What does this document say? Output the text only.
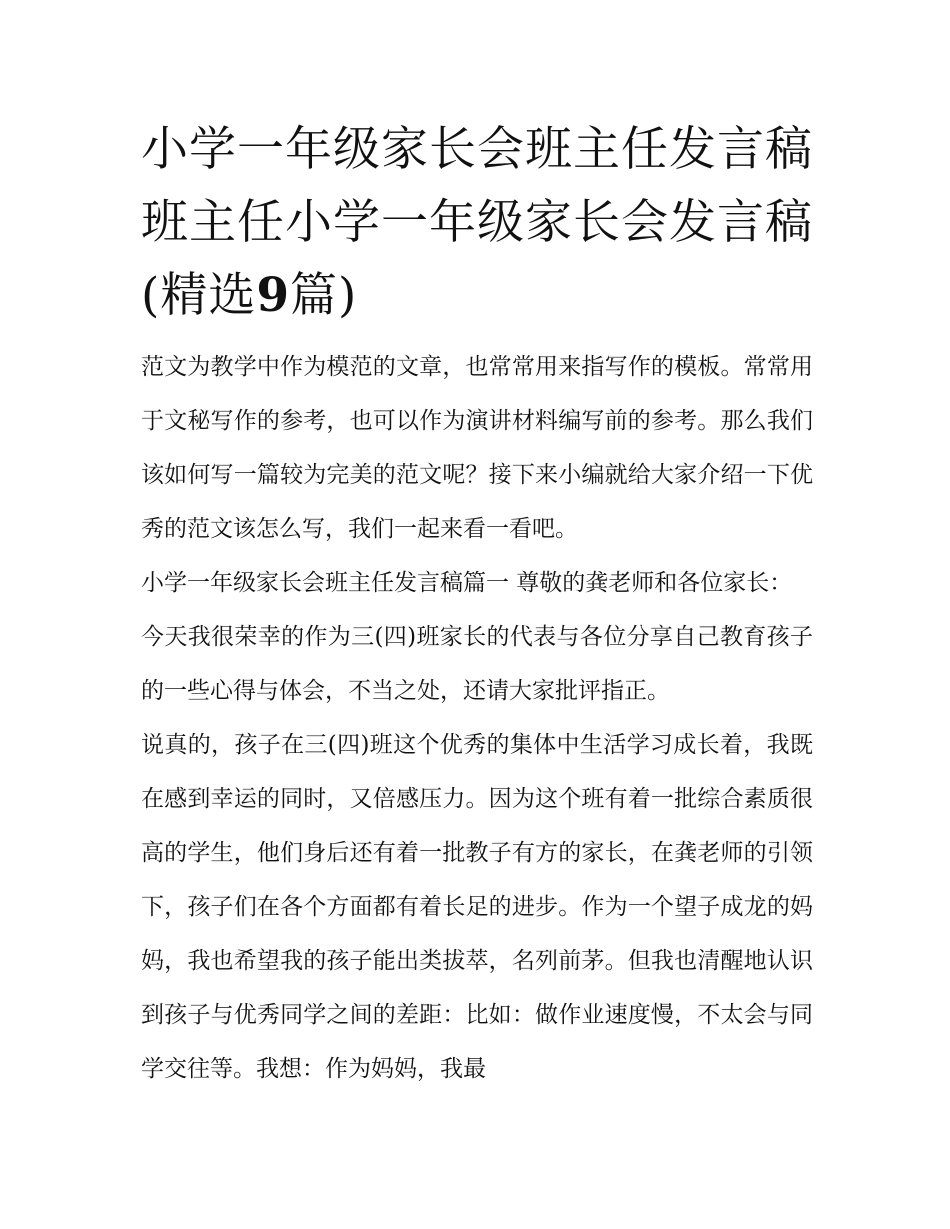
小学一年级家长会班主任发言稿 班主任小学一年级家长会发言稿(精选9篇)

范文为教学中作为模范的文章，也常常用来指写作的模板。常常用于文秘写作的参考，也可以作为演讲材料编写前的参考。那么我们该如何写一篇较为完美的范文呢？接下来小编就给大家介绍一下优秀的范文该怎么写，我们一起来看一看吧。

小学一年级家长会班主任发言稿篇一 尊敬的龚老师和各位家长：

今天我很荣幸的作为三(四)班家长的代表与各位分享自己教育孩子的一些心得与体会，不当之处，还请大家批评指正。

说真的，孩子在三(四)班这个优秀的集体中生活学习成长着，我既在感到幸运的同时，又倍感压力。因为这个班有着一批综合素质很高的学生，他们身后还有着一批教子有方的家长，在龚老师的引领下，孩子们在各个方面都有着长足的进步。作为一个望子成龙的妈妈，我也希望我的孩子能出类拔萃，名列前茅。但我也清醒地认识到孩子与优秀同学之间的差距：比如：做作业速度慢，不太会与同学交往等。我想：作为妈妈，我最
